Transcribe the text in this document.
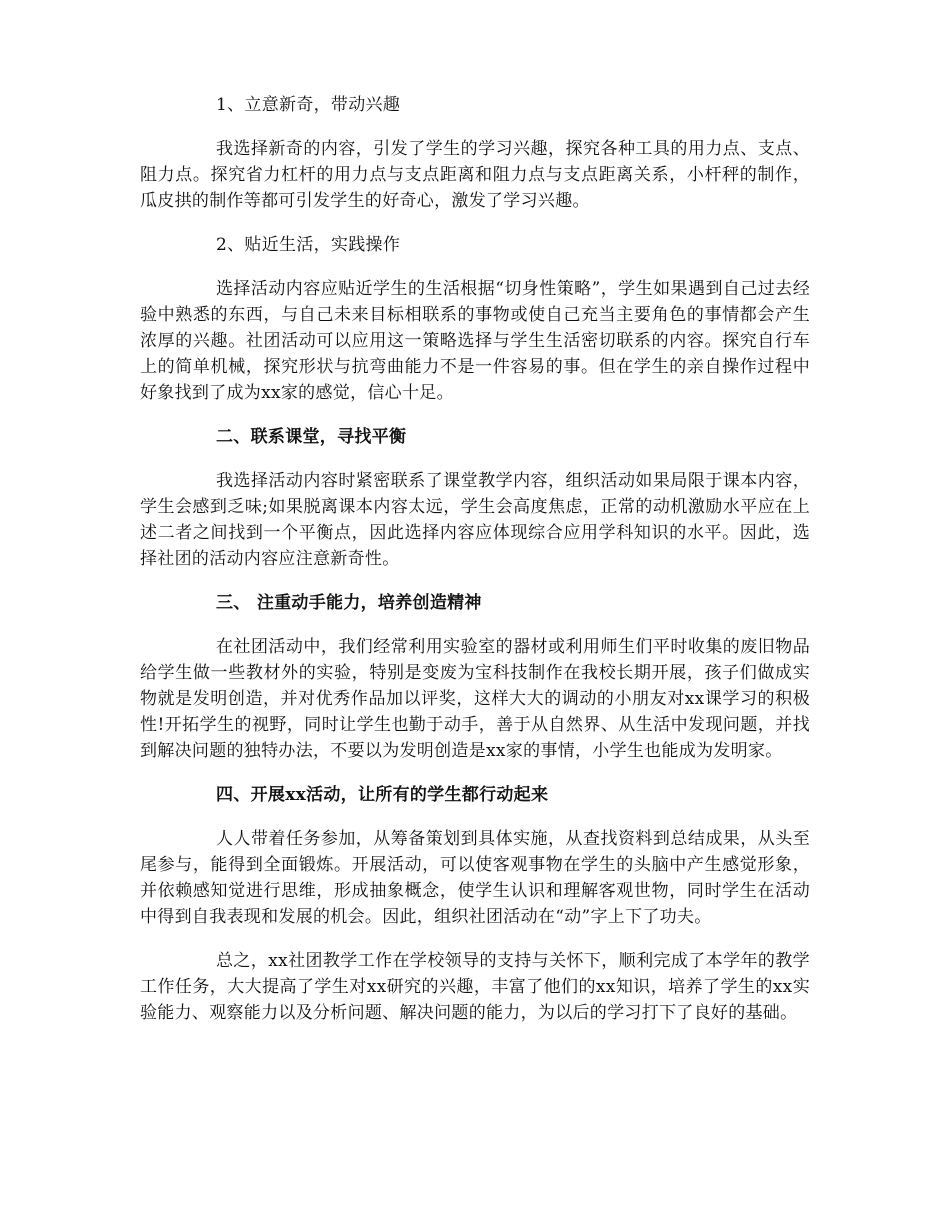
1、立意新奇，带动兴趣

我选择新奇的内容，引发了学生的学习兴趣，探究各种工具的用力点、支点、阻力点。探究省力杠杆的用力点与支点距离和阻力点与支点距离关系，小杆秤的制作，瓜皮拱的制作等都可引发学生的好奇心，激发了学习兴趣。

2、贴近生活，实践操作

选择活动内容应贴近学生的生活根据“切身性策略”，学生如果遇到自己过去经验中熟悉的东西，与自己未来目标相联系的事物或使自己充当主要角色的事情都会产生浓厚的兴趣。社团活动可以应用这一策略选择与学生生活密切联系的内容。探究自行车上的简单机械，探究形状与抗弯曲能力不是一件容易的事。但在学生的亲自操作过程中好象找到了成为xx家的感觉，信心十足。

二、联系课堂，寻找平衡

我选择活动内容时紧密联系了课堂教学内容，组织活动如果局限于课本内容，学生会感到乏味;如果脱离课本内容太远，学生会高度焦虑，正常的动机激励水平应在上述二者之间找到一个平衡点，因此选择内容应体现综合应用学科知识的水平。因此，选择社团的活动内容应注意新奇性。

三、 注重动手能力，培养创造精神

在社团活动中，我们经常利用实验室的器材或利用师生们平时收集的废旧物品给学生做一些教材外的实验，特别是变废为宝科技制作在我校长期开展，孩子们做成实物就是发明创造，并对优秀作品加以评奖，这样大大的调动的小朋友对xx课学习的积极性!开拓学生的视野，同时让学生也勤于动手，善于从自然界、从生活中发现问题，并找到解决问题的独特办法，不要以为发明创造是xx家的事情，小学生也能成为发明家。

四、开展xx活动，让所有的学生都行动起来

人人带着任务参加，从筹备策划到具体实施，从查找资料到总结成果，从头至尾参与，能得到全面锻炼。开展活动，可以使客观事物在学生的头脑中产生感觉形象，并依赖感知觉进行思维，形成抽象概念，使学生认识和理解客观世物，同时学生在活动中得到自我表现和发展的机会。因此，组织社团活动在“动”字上下了功夫。

总之，xx社团教学工作在学校领导的支持与关怀下，顺利完成了本学年的教学工作任务，大大提高了学生对xx研究的兴趣，丰富了他们的xx知识，培养了学生的xx实验能力、观察能力以及分析问题、解决问题的能力，为以后的学习打下了良好的基础。
